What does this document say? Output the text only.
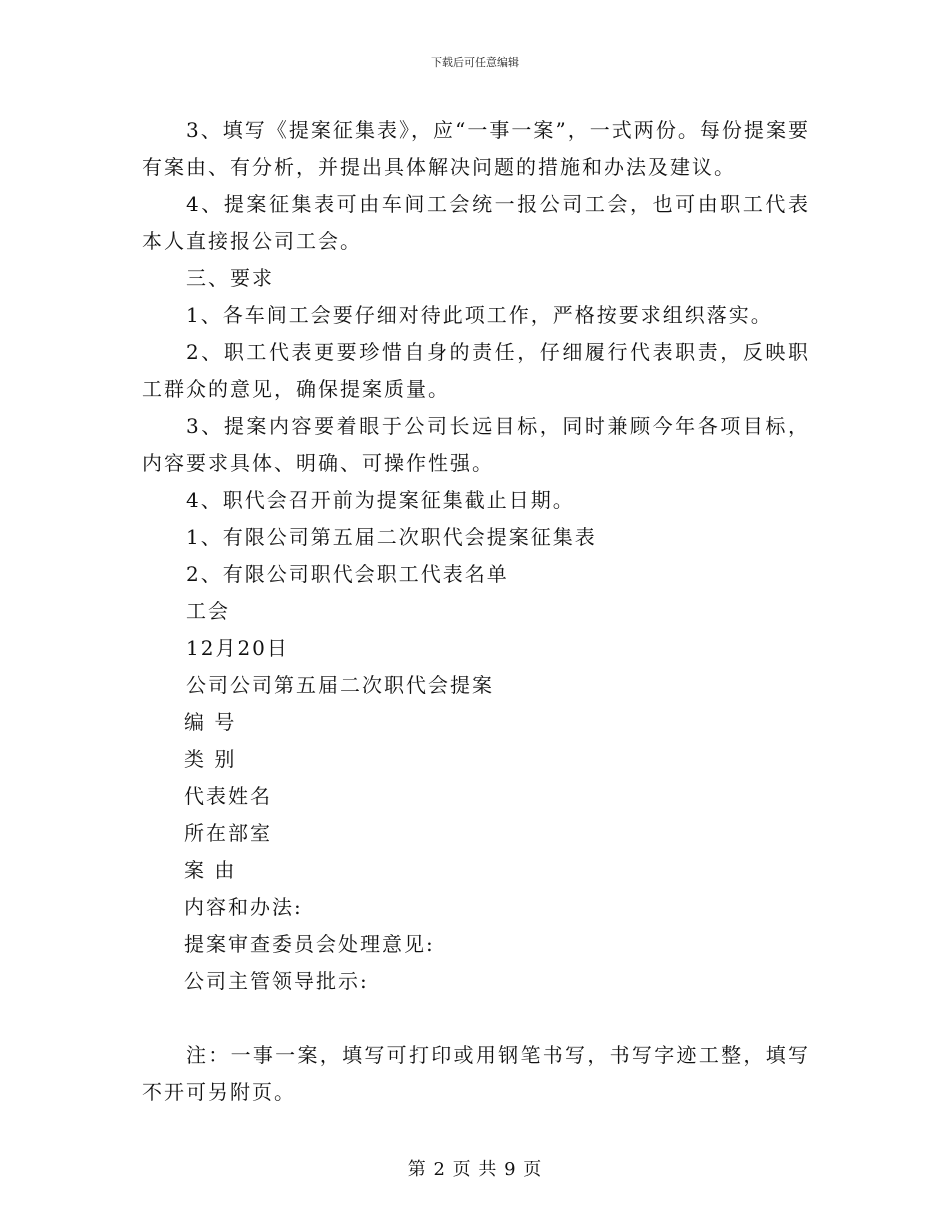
下载后可任意编辑

3、填写《提案征集表》，应“一事一案”，一式两份。每份提案要有案由、有分析，并提出具体解决问题的措施和办法及建议。

4、提案征集表可由车间工会统一报公司工会，也可由职工代表本人直接报公司工会。

三、要求

1、各车间工会要仔细对待此项工作，严格按要求组织落实。

2、职工代表更要珍惜自身的责任，仔细履行代表职责，反映职工群众的意见，确保提案质量。

3、提案内容要着眼于公司长远目标，同时兼顾今年各项目标，内容要求具体、明确、可操作性强。

4、职代会召开前为提案征集截止日期。

1、有限公司第五届二次职代会提案征集表

2、有限公司职代会职工代表名单

工会

12月20日

公司公司第五届二次职代会提案

编 号

类 别

代表姓名

所在部室

案 由

内容和办法:

提案审查委员会处理意见:

公司主管领导批示:

注：一事一案，填写可打印或用钢笔书写，书写字迹工整，填写不开可另附页。

第 2 页 共 9 页
